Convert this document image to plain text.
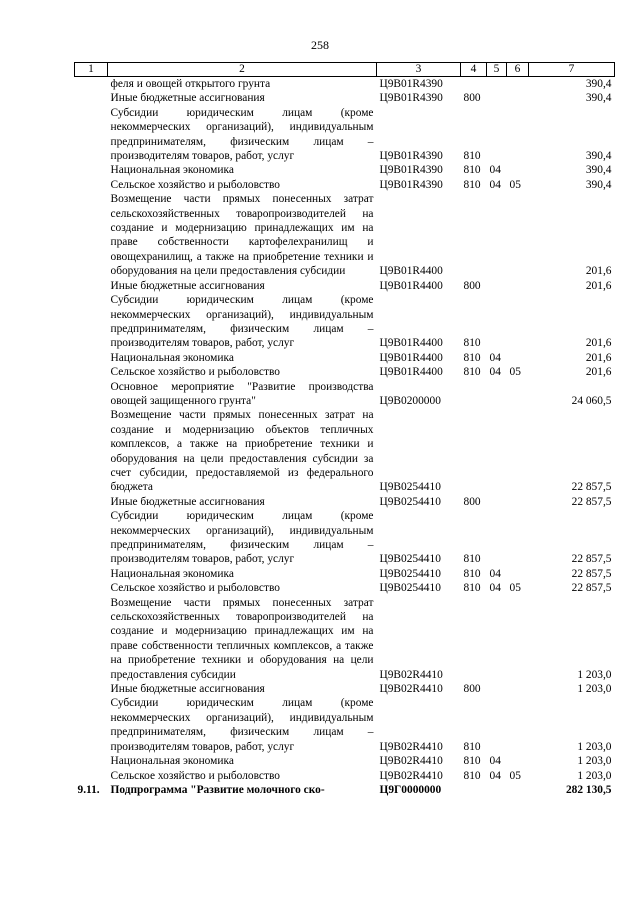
258
1	2	3	4	5	6	7
	феля и овощей открытого грунта	Ц9В01R4390				390,4
	Иные бюджетные ассигнования	Ц9В01R4390	800			390,4
	Субсидии юридическим лицам (кроме некоммерческих организаций), индивидуальным предпринимателям, физическим лицам – производителям товаров, работ, услуг	Ц9В01R4390	810			390,4
	Национальная экономика	Ц9В01R4390	810	04		390,4
	Сельское хозяйство и рыболовство	Ц9В01R4390	810	04	05	390,4
	Возмещение части прямых понесенных затрат сельскохозяйственных товаропроизводителей на создание и модернизацию принадлежащих им на праве собственности картофелехранилищ и овощехранилищ, а также на приобретение техники и оборудования на цели предоставления субсидии	Ц9В01R4400				201,6
	Иные бюджетные ассигнования	Ц9В01R4400	800			201,6
	Субсидии юридическим лицам (кроме некоммерческих организаций), индивидуальным предпринимателям, физическим лицам – производителям товаров, работ, услуг	Ц9В01R4400	810			201,6
	Национальная экономика	Ц9В01R4400	810	04		201,6
	Сельское хозяйство и рыболовство	Ц9В01R4400	810	04	05	201,6
	Основное мероприятие "Развитие производства овощей защищенного грунта"	Ц9В0200000				24 060,5
	Возмещение части прямых понесенных затрат на создание и модернизацию объектов тепличных комплексов, а также на приобретение техники и оборудования на цели предоставления субсидии за счет субсидии, предоставляемой из федерального бюджета	Ц9В0254410				22 857,5
	Иные бюджетные ассигнования	Ц9В0254410	800			22 857,5
	Субсидии юридическим лицам (кроме некоммерческих организаций), индивидуальным предпринимателям, физическим лицам – производителям товаров, работ, услуг	Ц9В0254410	810			22 857,5
	Национальная экономика	Ц9В0254410	810	04		22 857,5
	Сельское хозяйство и рыболовство	Ц9В0254410	810	04	05	22 857,5
	Возмещение части прямых понесенных затрат сельскохозяйственных товаропроизводителей на создание и модернизацию принадлежащих им на праве собственности тепличных комплексов, а также на приобретение техники и оборудования на цели предоставления субсидии	Ц9В02R4410				1 203,0
	Иные бюджетные ассигнования	Ц9В02R4410	800			1 203,0
	Субсидии юридическим лицам (кроме некоммерческих организаций), индивидуальным предпринимателям, физическим лицам – производителям товаров, работ, услуг	Ц9В02R4410	810			1 203,0
	Национальная экономика	Ц9В02R4410	810	04		1 203,0
	Сельское хозяйство и рыболовство	Ц9В02R4410	810	04	05	1 203,0
9.11.	Подпрограмма "Развитие молочного ско-	Ц9Г0000000				282 130,5
